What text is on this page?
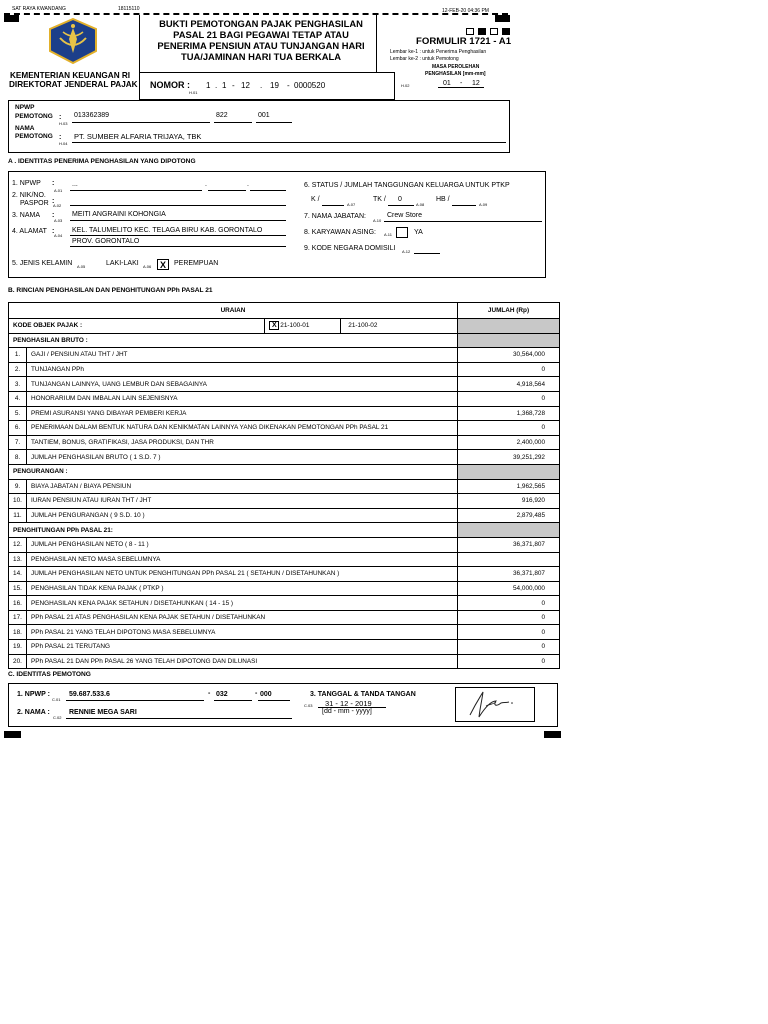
SAT RAYA KWANDANG	18115110	12-FEB-20 04:36 PM
KEMENTERIAN KEUANGAN RI
DIREKTORAT JENDERAL PAJAK
BUKTI PEMOTONGAN PAJAK PENGHASILAN
PASAL 21 BAGI PEGAWAI TETAP ATAU
PENERIMA PENSIUN ATAU TUNJANGAN HARI
TUA/JAMINAN HARI TUA BERKALA
FORMULIR 1721 - A1
Lembar ke-1 : untuk Penerima Penghasilan
Lembar ke-2 : untuk Pemotong
MASA PEROLEHAN
PENGHASILAN [mm-mm]
H.02	01 - 12
NOMOR :
H.01
1 . 1 - 12 . 19 - 0000520
NPWP
PEMOTONG :
H.03
013362389	822	001
NAMA
PEMOTONG :
H.04
PT. SUMBER ALFARIA TRIJAYA, TBK
A . IDENTITAS PENERIMA PENGHASILAN YANG DIPOTONG
1. NPWP :
A.01
...	.	.
2. NIK/NO.
PASPOR :
A.02
3. NAMA :
A.03
MEITI ANGRAINI KOHONGIA
4. ALAMAT :
A.04
KEL. TALUMELITO KEC. TELAGA BIRU KAB. GORONTALO
PROV. GORONTALO
5. JENIS KELAMIN A.05	LAKI-LAKI A.06 X	PEREMPUAN
6. STATUS / JUMLAH TANGGUNGAN KELUARGA UNTUK PTKP
K /
A.07
TK / 0
A.08
HB /
A.09
7. NAMA JABATAN:
A.10
Crew Store
8. KARYAWAN ASING: A.11	YA
9. KODE NEGARA DOMISILI A.12
B. RINCIAN PENGHASILAN DAN PENGHITUNGAN PPh PASAL 21
URAIAN				JUMLAH (Rp)
KODE OBJEK PAJAK :		X 21-100-01	21-100-02	
PENGHASILAN BRUTO :				
1.	GAJI / PENSIUN ATAU THT / JHT			30,564,000
2.	TUNJANGAN PPh			0
3.	TUNJANGAN LAINNYA, UANG LEMBUR DAN SEBAGAINYA			4,918,564
4.	HONORARIUM DAN IMBALAN LAIN SEJENISNYA			0
5.	PREMI ASURANSI YANG DIBAYAR PEMBERI KERJA			1,368,728
6.	PENERIMAAN DALAM BENTUK NATURA DAN KENIKMATAN LAINNYA YANG DIKENAKAN PEMOTONGAN PPh PASAL 21			0
7.	TANTIEM, BONUS, GRATIFIKASI, JASA PRODUKSI, DAN THR			2,400,000
8.	JUMLAH PENGHASILAN BRUTO ( 1 S.D. 7 )			39,251,292
PENGURANGAN :				
9.	BIAYA JABATAN / BIAYA PENSIUN			1,962,565
10.	IURAN PENSIUN ATAU IURAN THT / JHT			916,920
11.	JUMLAH PENGURANGAN ( 9 S.D. 10 )			2,879,485
PENGHITUNGAN PPh PASAL 21:				
12.	JUMLAH PENGHASILAN NETO ( 8 - 11 )			36,371,807
13.	PENGHASILAN NETO MASA SEBELUMNYA			
14.	JUMLAH PENGHASILAN NETO UNTUK PENGHITUNGAN PPh PASAL 21 ( SETAHUN / DISETAHUNKAN )			36,371,807
15.	PENGHASILAN TIDAK KENA PAJAK ( PTKP )			54,000,000
16.	PENGHASILAN KENA PAJAK SETAHUN / DISETAHUNKAN ( 14 - 15 )			0
17.	PPh PASAL 21 ATAS PENGHASILAN KENA PAJAK SETAHUN / DISETAHUNKAN			0
18.	PPh PASAL 21 YANG TELAH DIPOTONG MASA SEBELUMNYA			0
19.	PPh PASAL 21 TERUTANG			0
20.	PPh PASAL 21 DAN PPh PASAL 26 YANG TELAH DIPOTONG DAN DILUNASI			0
C. IDENTITAS PEMOTONG
1. NPWP :
C.01
59.687.533.6	- 032	- 000
2. NAMA :
C.02
RENNIE MEGA SARI
3. TANGGAL & TANDA TANGAN
C.03 31 - 12 - 2019
[dd - mm - yyyy]
